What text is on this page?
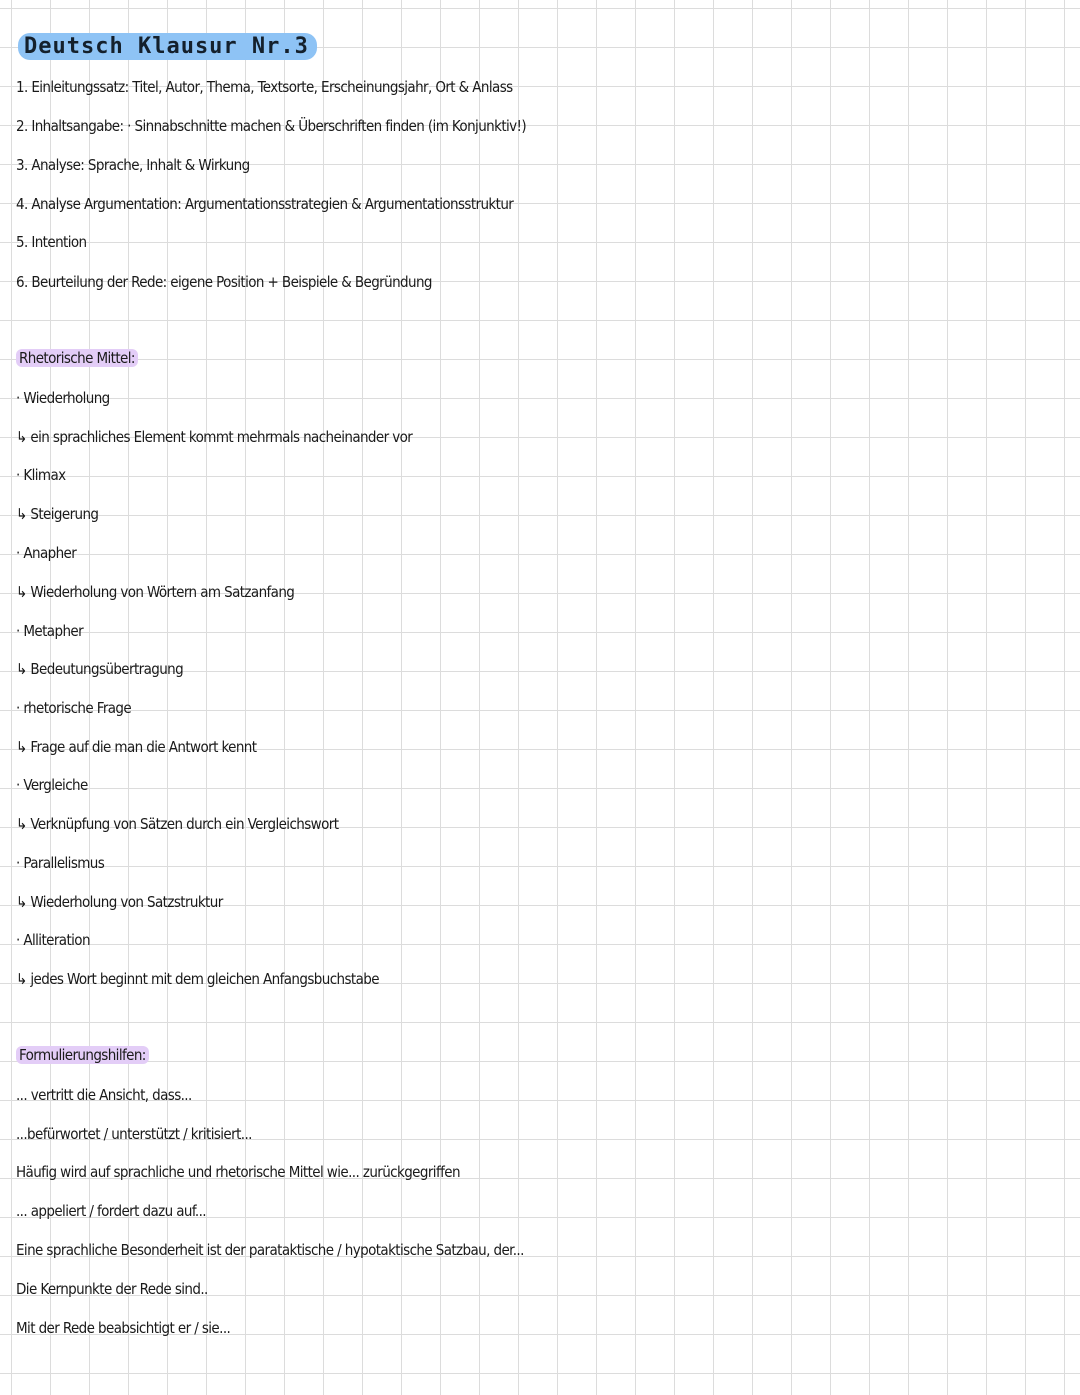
Deutsch Klausur Nr.3
1. Einleitungssatz: Titel, Autor, Thema, Textsorte, Erscheinungsjahr, Ort & Anlass
2. Inhaltsangabe: · Sinnabschnitte machen & Überschriften finden (im Konjunktiv!)
3. Analyse: Sprache, Inhalt & Wirkung
4. Analyse Argumentation: Argumentationsstrategien & Argumentationsstruktur
5. Intention
6. Beurteilung der Rede: eigene Position + Beispiele & Begründung
Rhetorische Mittel:
· Wiederholung
↳ ein sprachliches Element kommt mehrmals nacheinander vor
· Klimax
↳ Steigerung
· Anapher
↳ Wiederholung von Wörtern am Satzanfang
· Metapher
↳ Bedeutungsübertragung
· rhetorische Frage
↳ Frage auf die man die Antwort kennt
· Vergleiche
↳ Verknüpfung von Sätzen durch ein Vergleichswort
· Parallelismus
↳ Wiederholung von Satzstruktur
· Alliteration
↳ jedes Wort beginnt mit dem gleichen Anfangsbuchstabe
Formulierungshilfen:
... vertritt die Ansicht, dass...
...befürwortet / unterstützt / kritisiert...
Häufig wird auf sprachliche und rhetorische Mittel wie... zurückgegriffen
... appeliert / fordert dazu auf...
Eine sprachliche Besonderheit ist der parataktische / hypotaktische Satzbau, der...
Die Kernpunkte der Rede sind..
Mit der Rede beabsichtigt er / sie...
